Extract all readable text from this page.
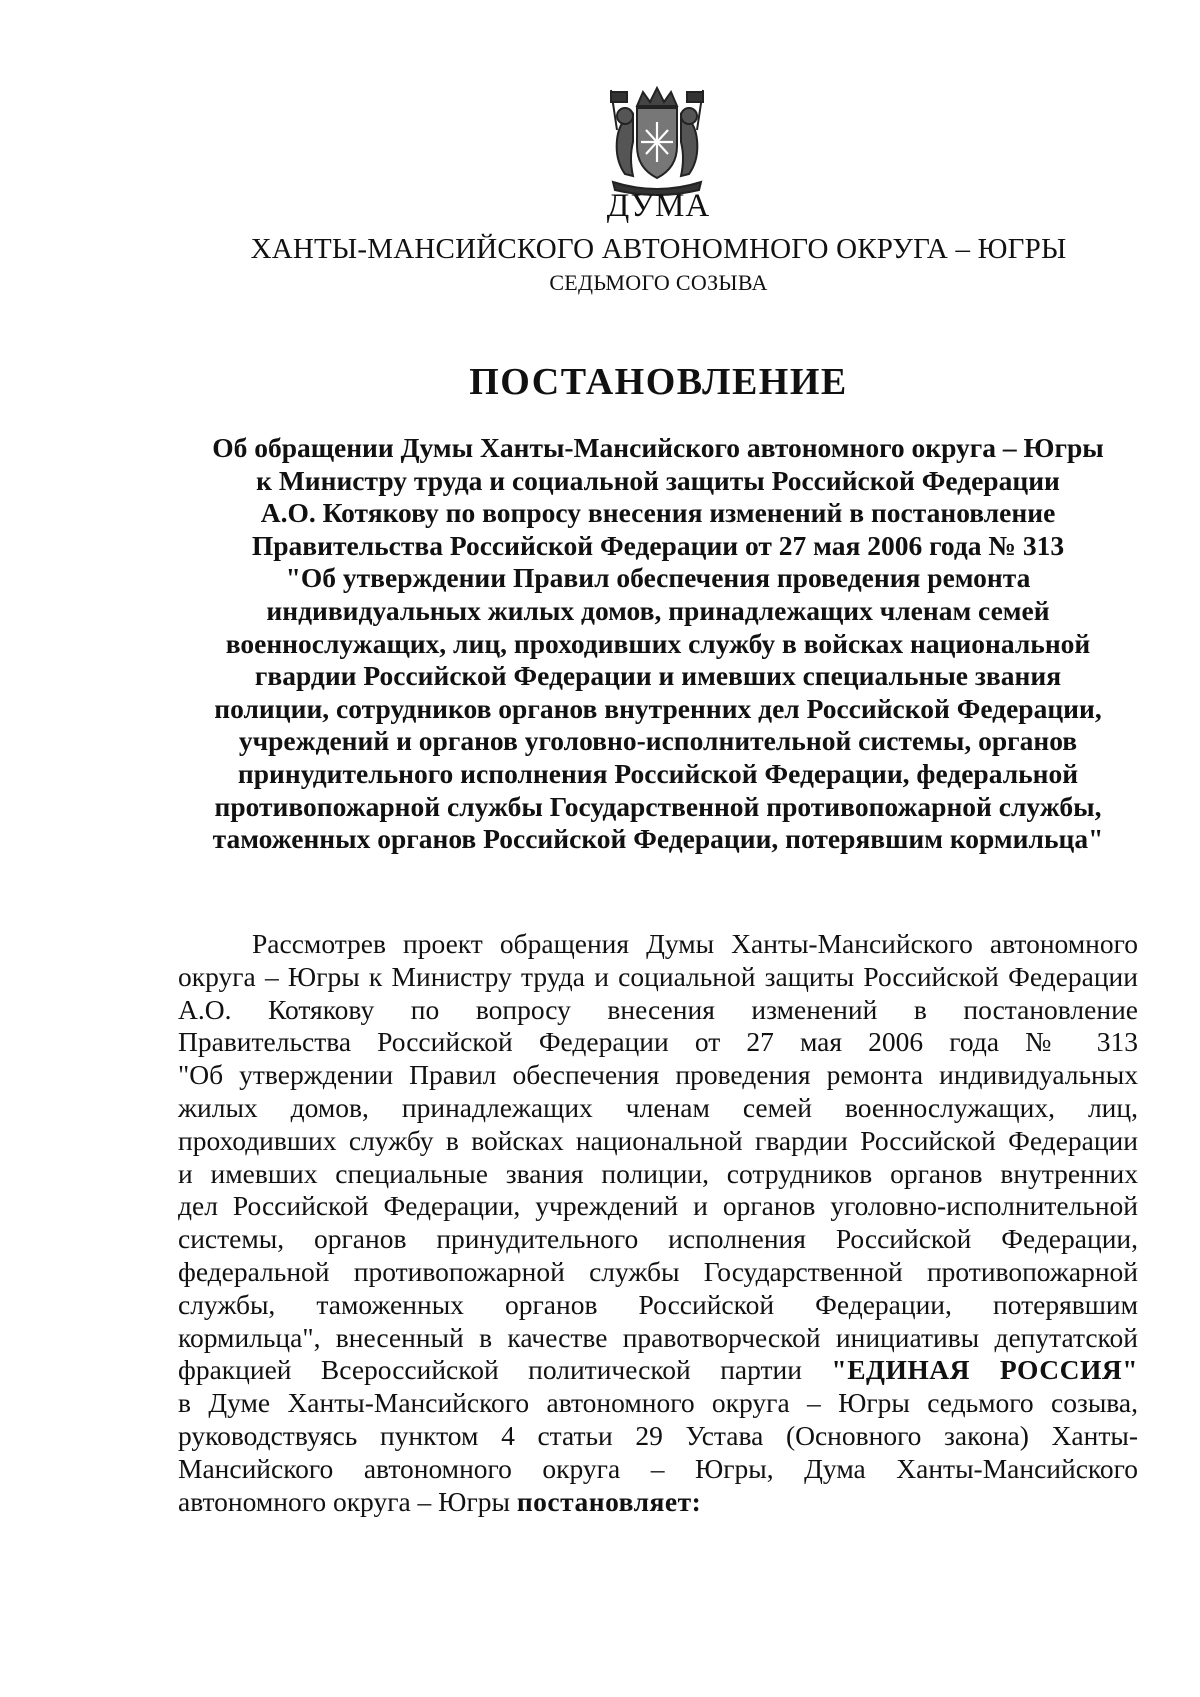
ДУМА
ХАНТЫ-МАНСИЙСКОГО АВТОНОМНОГО ОКРУГА – ЮГРЫ
СЕДЬМОГО СОЗЫВА
ПОСТАНОВЛЕНИЕ
Об обращении Думы Ханты-Мансийского автономного округа – Югры
к Министру труда и социальной защиты Российской Федерации
А.О. Котякову по вопросу внесения изменений в постановление
Правительства Российской Федерации от 27 мая 2006 года № 313
"Об утверждении Правил обеспечения проведения ремонта
индивидуальных жилых домов, принадлежащих членам семей
военнослужащих, лиц, проходивших службу в войсках национальной
гвардии Российской Федерации и имевших специальные звания
полиции, сотрудников органов внутренних дел Российской Федерации,
учреждений и органов уголовно-исполнительной системы, органов
принудительного исполнения Российской Федерации, федеральной
противопожарной службы Государственной противопожарной службы,
таможенных органов Российской Федерации, потерявшим кормильца"
Рассмотрев проект обращения Думы Ханты-Мансийского автономного
округа – Югры к Министру труда и социальной защиты Российской Федерации
А.О. Котякову по вопросу внесения изменений в постановление
Правительства Российской Федерации от 27 мая 2006 года № 313
"Об утверждении Правил обеспечения проведения ремонта индивидуальных
жилых домов, принадлежащих членам семей военнослужащих, лиц,
проходивших службу в войсках национальной гвардии Российской Федерации
и имевших специальные звания полиции, сотрудников органов внутренних
дел Российской Федерации, учреждений и органов уголовно-исполнительной
системы, органов принудительного исполнения Российской Федерации,
федеральной противопожарной службы Государственной противопожарной
службы, таможенных органов Российской Федерации, потерявшим
кормильца", внесенный в качестве правотворческой инициативы депутатской
фракцией Всероссийской политической партии "ЕДИНАЯ РОССИЯ"
в Думе Ханты-Мансийского автономного округа – Югры седьмого созыва,
руководствуясь пунктом 4 статьи 29 Устава (Основного закона) Ханты-
Мансийского автономного округа – Югры, Дума Ханты-Мансийского
автономного округа – Югры постановляет:
